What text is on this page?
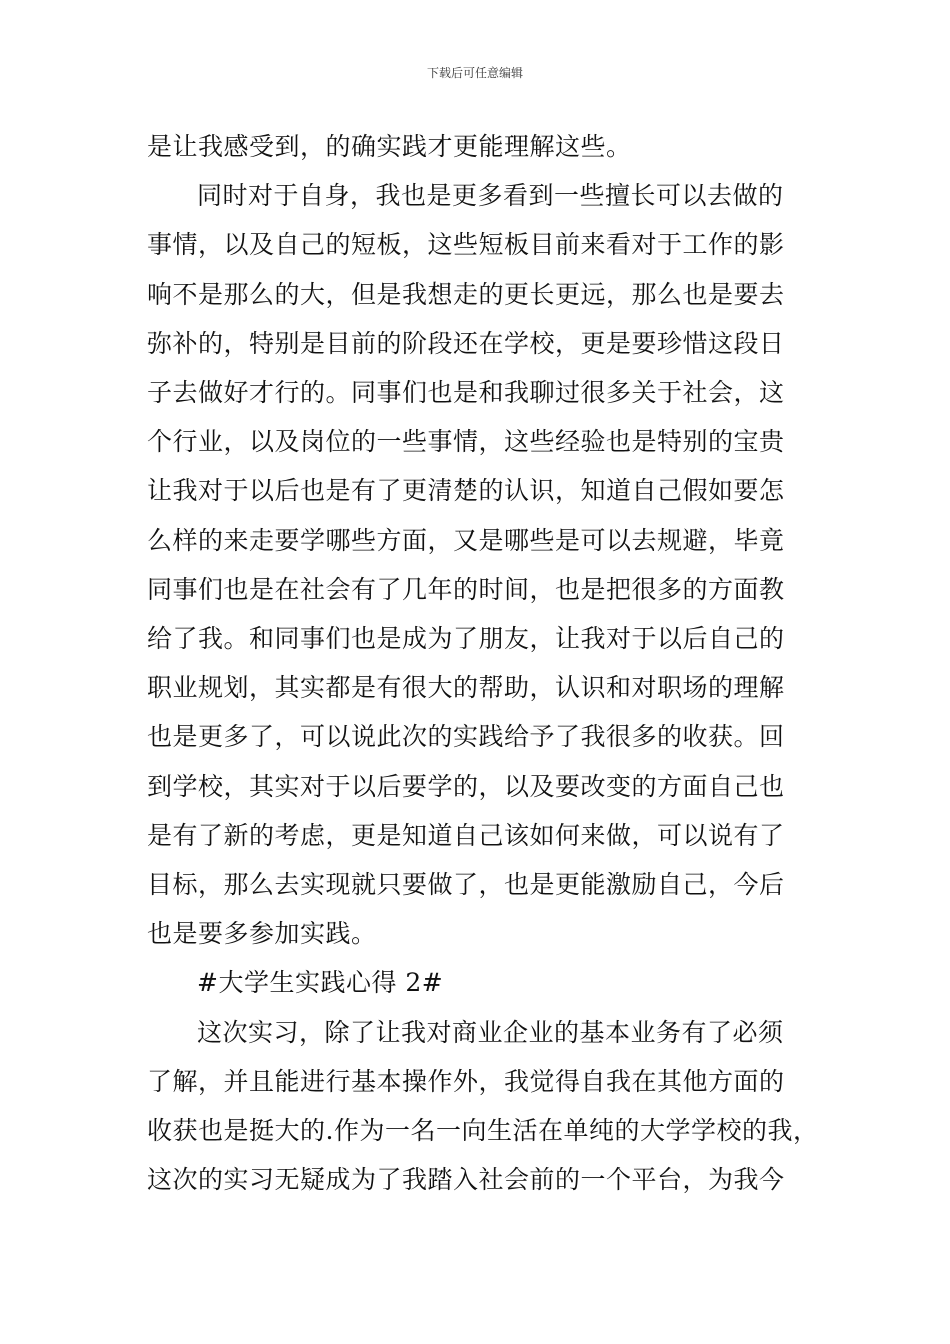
下载后可任意编辑
是让我感受到，的确实践才更能理解这些。
同时对于自身，我也是更多看到一些擅长可以去做的
事情，以及自己的短板，这些短板目前来看对于工作的影
响不是那么的大，但是我想走的更长更远，那么也是要去
弥补的，特别是目前的阶段还在学校，更是要珍惜这段日
子去做好才行的。同事们也是和我聊过很多关于社会，这
个行业，以及岗位的一些事情，这些经验也是特别的宝贵
让我对于以后也是有了更清楚的认识，知道自己假如要怎
么样的来走要学哪些方面，又是哪些是可以去规避，毕竟
同事们也是在社会有了几年的时间，也是把很多的方面教
给了我。和同事们也是成为了朋友，让我对于以后自己的
职业规划，其实都是有很大的帮助，认识和对职场的理解
也是更多了，可以说此次的实践给予了我很多的收获。回
到学校，其实对于以后要学的，以及要改变的方面自己也
是有了新的考虑，更是知道自己该如何来做，可以说有了
目标，那么去实现就只要做了，也是更能激励自己，今后
也是要多参加实践。
#大学生实践心得 2#
这次实习，除了让我对商业企业的基本业务有了必须
了解，并且能进行基本操作外，我觉得自我在其他方面的
收获也是挺大的.作为一名一向生活在单纯的大学学校的我，
这次的实习无疑成为了我踏入社会前的一个平台，为我今
